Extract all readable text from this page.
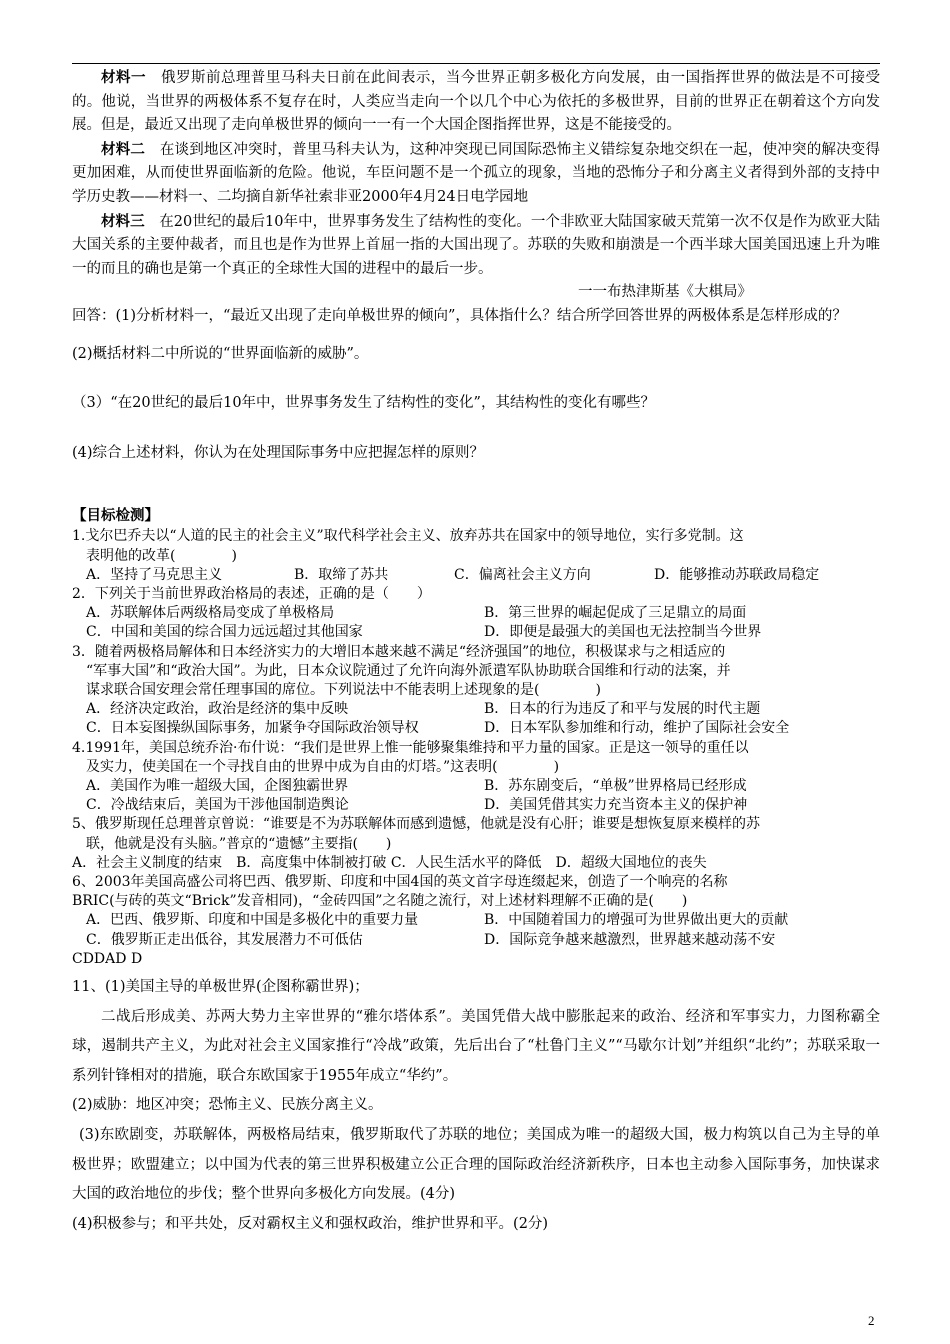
材料一　 俄罗斯前总理普里马科夫日前在此间表示，当今世界正朝多极化方向发展，由一国指挥世界的做法是不可接受的。他说，当世界的两极体系不复存在时，人类应当走向一个以几个中心为依托的多极世界，目前的世界正在朝着这个方向发展。但是，最近又出现了走向单极世界的倾向一一有一个大国企图指挥世界，这是不能接受的。

材料二　 在谈到地区冲突时，普里马科夫认为，这种冲突现已同国际恐怖主义错综复杂地交织在一起，使冲突的解决变得更加困难，从而使世界面临新的危险。他说，车臣问题不是一个孤立的现象，当地的恐怖分子和分离主义者得到外部的支持中学历史教——材料一、二均摘自新华社索非亚2000年4月24日电学园地

材料三　 在20世纪的最后10年中，世界事务发生了结构性的变化。一个非欧亚大陆国家破天荒第一次不仅是作为欧亚大陆大国关系的主要仲裁者，而且也是作为世界上首屈一指的大国出现了。苏联的失败和崩溃是一个西半球大国美国迅速上升为唯一的而且的确也是第一个真正的全球性大国的进程中的最后一步。

一一布热津斯基《大棋局》

回答：(1)分析材料一，“最近又出现了走向单极世界的倾向”，具体指什么？结合所学回答世界的两极体系是怎样形成的？

(2)概括材料二中所说的“世界面临新的威胁”。

（3）“在20世纪的最后10年中，世界事务发生了结构性的变化”，其结构性的变化有哪些？

(4)综合上述材料，你认为在处理国际事务中应把握怎样的原则？

【目标检测】

1.戈尔巴乔夫以“人道的民主的社会主义”取代科学社会主义、放弃苏共在国家中的领导地位，实行多党制。这
表明他的改革(　　　　)

A．坚持了马克思主义	B．取缔了苏共	C．偏离社会主义方向	D．能够推动苏联政局稳定

2．下列关于当前世界政治格局的表述，正确的是（　　）

A．苏联解体后两级格局变成了单极格局	B．第三世界的崛起促成了三足鼎立的局面
C．中国和美国的综合国力远远超过其他国家	D．即便是最强大的美国也无法控制当今世界

3．随着两极格局解体和日本经济实力的大增旧本越来越不满足“经济强国”的地位，积极谋求与之相适应的
“军事大国”和“政治大国”。为此，日本众议院通过了允许向海外派遣军队协助联合国维和行动的法案，并
谋求联合国安理会常任理事国的席位。下列说法中不能表明上述现象的是(　　　　)

A．经济决定政治，政治是经济的集中反映	B．日本的行为违反了和平与发展的时代主题
C．日本妄图操纵国际事务，加紧争夺国际政治领导权	D．日本军队参加维和行动，维护了国际社会安全

4.1991年，美国总统乔治·布什说：“我们是世界上惟一能够聚集维持和平力量的国家。正是这一领导的重任以
及实力，使美国在一个寻找自由的世界中成为自由的灯塔。”这表明(　　　　)

A．美国作为唯一超级大国，企图独霸世界	B．苏东剧变后，“单极”世界格局已经形成
C．冷战结束后，美国为干涉他国制造舆论	D．美国凭借其实力充当资本主义的保护神

5、俄罗斯现任总理普京曾说：“谁要是不为苏联解体而感到遗憾，他就是没有心肝；谁要是想恢复原来模样的苏
联，他就是没有头脑。”普京的“遗憾”主要指(　　)

A．社会主义制度的结束　B．高度集中体制被打破 C．人民生活水平的降低　D．超级大国地位的丧失

6、2003年美国高盛公司将巴西、俄罗斯、印度和中国4国的英文首字母连缀起来，创造了一个响亮的名称

BRIC(与砖的英文“Brick”发音相同)，“金砖四国”之名随之流行，对上述材料理解不正确的是(　　)

A．巴西、俄罗斯、印度和中国是多极化中的重要力量	B．中国随着国力的增强可为世界做出更大的贡献
C．俄罗斯正走出低谷，其发展潜力不可低估	D．国际竞争越来越激烈，世界越来越动荡不安

CDDAD D

11、(1)美国主导的单极世界(企图称霸世界)；

二战后形成美、苏两大势力主宰世界的“雅尔塔体系”。美国凭借大战中膨胀起来的政治、经济和军事实力，力图称霸全球，遏制共产主义，为此对社会主义国家推行“冷战”政策，先后出台了“杜鲁门主义”“马歇尔计划”并组织“北约”；苏联采取一系列针锋相对的措施，联合东欧国家于1955年成立“华约”。

(2)威胁：地区冲突；恐怖主义、民族分离主义。

(3)东欧剧变，苏联解体，两极格局结束，俄罗斯取代了苏联的地位；美国成为唯一的超级大国，极力构筑以自己为主导的单极世界；欧盟建立；以中国为代表的第三世界积极建立公正合理的国际政治经济新秩序，日本也主动参入国际事务，加快谋求大国的政治地位的步伐；整个世界向多极化方向发展。(4分)

(4)积极参与；和平共处，反对霸权主义和强权政治，维护世界和平。(2分)

2
